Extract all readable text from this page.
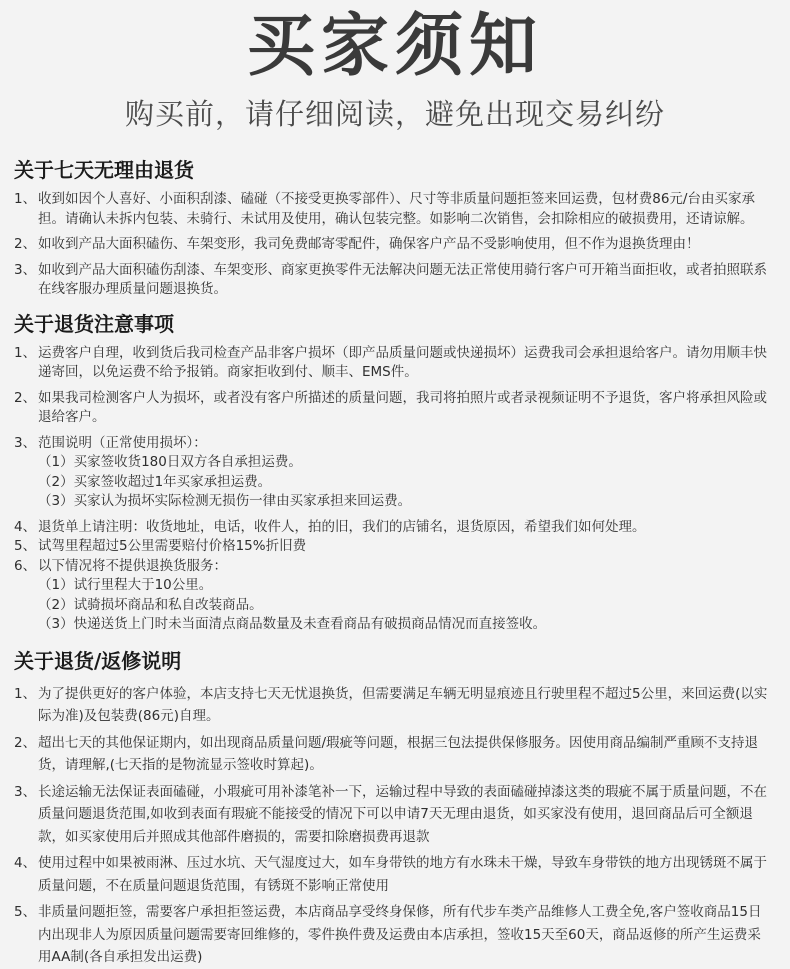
买家须知
购买前，请仔细阅读，避免出现交易纠纷
关于七天无理由退货
1、 收到如因个人喜好、小面积刮漆、磕碰（不接受更换零部件）、尺寸等非质量问题拒签来回运费，包材费86元/台由买家承担。请确认未拆内包装、未骑行、未试用及使用，确认包装完整。如影响二次销售，会扣除相应的破损费用，还请谅解。
2、 如收到产品大面积磕伤、车架变形，我司免费邮寄零配件，确保客户产品不受影响使用，但不作为退换货理由！
3、 如收到产品大面积磕伤刮漆、车架变形、商家更换零件无法解决问题无法正常使用骑行客户可开箱当面拒收，或者拍照联系在线客服办理质量问题退换货。
关于退货注意事项
1、 运费客户自理，收到货后我司检查产品非客户损坏（即产品质量问题或快递损坏）运费我司会承担退给客户。请勿用顺丰快递寄回，以免运费不给予报销。商家拒收到付、顺丰、EMS件。
2、 如果我司检测客户人为损坏，或者没有客户所描述的质量问题，我司将拍照片或者录视频证明不予退货，客户将承担风险或退给客户。
3、 范围说明（正常使用损坏）：
（1） 买家签收货180日双方各自承担运费。
（2） 买家签收超过1年买家承担运费。
（3） 买家认为损坏实际检测无损伤一律由买家承担来回运费。
4、 退货单上请注明：收货地址，电话，收件人，拍的旧，我们的店铺名，退货原因，希望我们如何处理。
5、 试驾里程超过5公里需要赔付价格15%折旧费
6、 以下情况将不提供退换货服务：
（1） 试行里程大于10公里。
（2） 试骑损坏商品和私自改装商品。
（3） 快递送货上门时未当面清点商品数量及未查看商品有破损商品情况而直接签收。
关于退货/返修说明
1、 为了提供更好的客户体验，本店支持七天无忧退换货，但需要满足车辆无明显痕迹且行驶里程不超过5公里，来回运费(以实际为准)及包装费(86元)自理。
2、 超出七天的其他保证期内，如出现商品质量问题/瑕疵等问题，根据三包法提供保修服务。因使用商品编制严重顾不支持退货，请理解,(七天指的是物流显示签收时算起)。
3、 长途运输无法保证表面磕碰，小瑕疵可用补漆笔补一下，运输过程中导致的表面磕碰掉漆这类的瑕疵不属于质量问题，不在质量问题退货范围,如收到表面有瑕疵不能接受的情况下可以申请7天无理由退货，如买家没有使用，退回商品后可全额退款，如买家使用后并照成其他部件磨损的，需要扣除磨损费再退款
4、 使用过程中如果被雨淋、压过水坑、天气湿度过大，如车身带铁的地方有水珠未干燥，导致车身带铁的地方出现锈斑不属于质量问题，不在质量问题退货范围，有锈斑不影响正常使用
5、 非质量问题拒签，需要客户承担拒签运费，本店商品享受终身保修，所有代步车类产品维修人工费全免,客户签收商品15日内出现非人为原因质量问题需要寄回维修的，零件换件费及运费由本店承担，签收15天至60天，商品返修的所产生运费采用AA制(各自承担发出运费)
